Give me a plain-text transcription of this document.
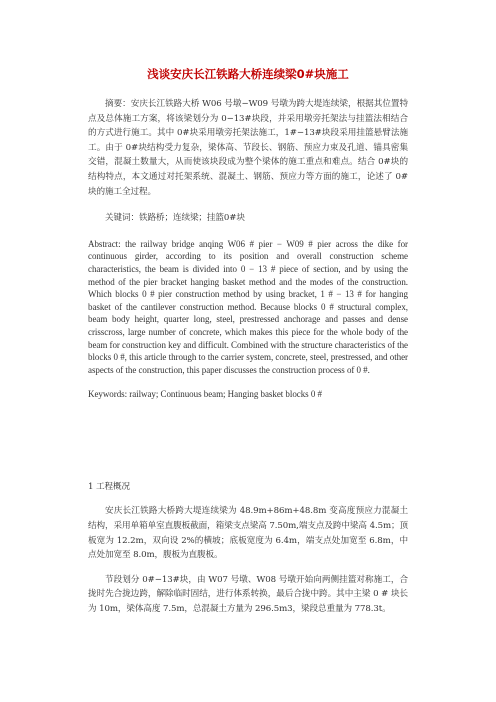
浅谈安庆长江铁路大桥连续梁0#块施工

摘要：安庆长江铁路大桥 W06 号墩−W09 号墩为跨大堤连续梁，根据其位置特点及总体施工方案，将该梁划分为 0−13#块段，并采用墩旁托架法与挂篮法相结合的方式进行施工。其中 0#块采用墩旁托架法施工，1#−13#块段采用挂篮悬臂法施工。由于 0#块结构受力复杂，梁体高、节段长、钢筋、预应力束及孔道、锚具密集交错，混凝土数量大，从而使该块段成为整个梁体的施工重点和难点。结合 0#块的结构特点，本文通过对托架系统、混凝土、钢筋、预应力等方面的施工，论述了 0#块的施工全过程。

关键词：铁路桥；连续梁；挂篮0#块

Abstract: the railway bridge anqing W06 # pier − W09 # pier across the dike for continuous girder, according to its position and overall construction scheme characteristics, the beam is divided into 0 − 13 # piece of section, and by using the method of the pier bracket hanging basket method and the modes of the construction. Which blocks 0 # pier construction method by using bracket, 1 # − 13 # for hanging basket of the cantilever construction method. Because blocks 0 # structural complex, beam body height, quarter long, steel, prestressed anchorage and passes and dense crisscross, large number of concrete, which makes this piece for the whole body of the beam for construction key and difficult. Combined with the structure characteristics of the blocks 0 #, this article through to the carrier system, concrete, steel, prestressed, and other aspects of the construction, this paper discusses the construction process of 0 #.

Keywords: railway; Continuous beam; Hanging basket blocks 0 #

1 工程概况

安庆长江铁路大桥跨大堤连续梁为 48.9m+86m+48.8m 变高度预应力混凝土结构，采用单箱单室直腹板截面，箱梁支点梁高 7.50m,端支点及跨中梁高 4.5m；顶板宽为 12.2m，双向设 2%的横坡；底板宽度为 6.4m，端支点处加宽至 6.8m，中点处加宽至 8.0m，腹板为直腹板。

节段划分 0#−13#块，由 W07 号墩、W08 号墩开始向两侧挂篮对称施工，合拢时先合拢边跨，解除临时固结，进行体系转换，最后合拢中跨。其中主梁 0 # 块长为 10m，梁体高度 7.5m，总混凝土方量为 296.5m3，梁段总重量为 778.3t。
